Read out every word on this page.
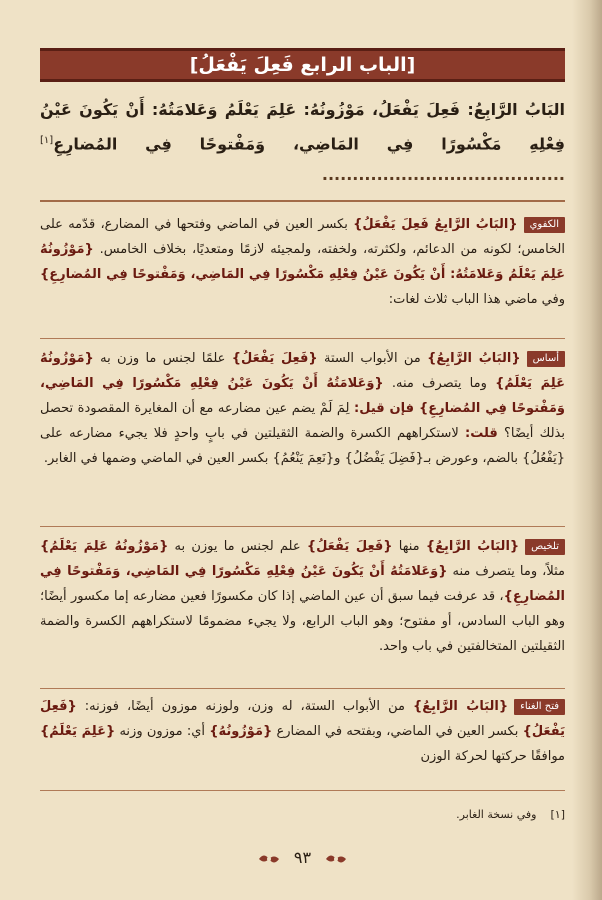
[الباب الرابع فَعِلَ يَفْعَلُ]
البَابُ الرَّابِعُ: فَعِلَ يَفْعَلُ، مَوْزُونُهُ: عَلِمَ يَعْلَمُ وَعَلامَتُهُ: أَنْ يَكُونَ عَيْنُ فِعْلِهِ مَكْسُورًا فِي المَاضِي، وَمَفْتوحًا فِي المُضارِعِ[١] ........................................
الكفوي{البَابُ الرَّابِعُ فَعِلَ يَفْعَلُ} بكسر العين في الماضي وفتحها في المضارع، قدّمه على الخامس؛ لكونه من الدعائم، ولكثرته، ولخفته، ولمجيئه لازمًا ومتعديًا، بخلاف الخامس. {مَوْزُونُهُ عَلِمَ يَعْلَمُ وَعَلامَتُهُ: أَنْ يَكُونَ عَيْنُ فِعْلِهِ مَكْسُورًا فِي المَاضِي، وَمَفْتوحًا فِي المُضارِعِ} وفي ماضي هذا الباب ثلاث لغات:
أساس{البَابُ الرَّابِعُ} من الأبواب الستة {فَعِلَ يَفْعَلُ} علمًا لجنس ما وزن به {مَوْزُونُهُ عَلِمَ يَعْلَمُ} وما يتصرف منه. {وَعَلامَتُهُ أَنْ يَكُونَ عَيْنُ فِعْلِهِ مَكْسُورًا فِي المَاضِي، وَمَفْتوحًا فِي المُضارِعِ} فإن قيل: لِمَ لَمْ يضم عين مضارعه مع أن المغايرة المقصودة تحصل بذلك أيضًا؟ قلت: لاستكراههم الكسرة والضمة الثقيلتين في بابٍ واحدٍ فلا يجيء مضارعه على {يَفْعُلُ} بالضم، وعورض بـ{فَضِلَ يَفْضُلُ} و{نَعِمَ يَنْعُمُ} بكسر العين في الماضي وضمها في الغابر.
تلخيص{البَابُ الرَّابِعُ} منها {فَعِلَ يَفْعَلُ} علم لجنس ما يوزن به {مَوْزُونُهُ عَلِمَ يَعْلَمُ} مثلاً، وما يتصرف منه {وَعَلامَتُهُ أَنْ يَكُونَ عَيْنُ فِعْلِهِ مَكْسُورًا فِي المَاضِي، وَمَفْتوحًا فِي المُضارِعِ}، قد عرفت فيما سبق أن عين الماضي إذا كان مكسورًا فعين مضارعه إما مكسور أيضًا؛ وهو الباب السادس، أو مفتوح؛ وهو الباب الرابع، ولا يجيء مضمومًا لاستكراههم الكسرة والضمة الثقيلتين المتخالفتين في باب واحد.
فتح الغناء{البَابُ الرَّابِعُ} من الأبواب الستة، له وزن، ولوزنه موزون أيضًا، فوزنه: {فَعِلَ يَفْعَلُ} بكسر العين في الماضي، وبفتحه في المضارع {مَوْزُونُهُ} أي: موزون وزنه {عَلِمَ يَعْلَمُ} موافقًا حركتها لحركة الوزن
[١]    وفي نسخة الغابر.
٩٣
